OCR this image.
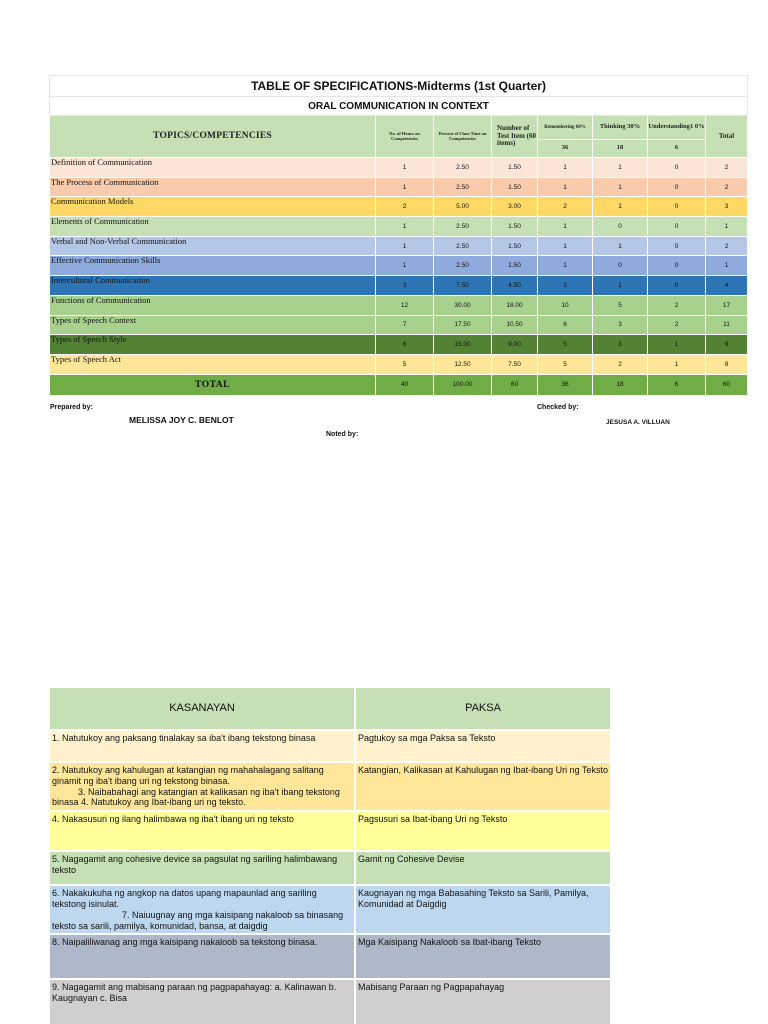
TABLE OF SPECIFICATIONS-Midterms (1st Quarter)							
ORAL COMMUNICATION IN CONTEXT							
TOPICS/COMPETENCIES	No. of Hours on Competencies	Percent of Class Time on Competencies	Number of Test Item (60 items)	Remembering 60%	Thinking 30%	Understanding1 0%	Total
				36	18	6	
Definition of Communication	1	2.50	1.50	1	1	0	2
The Process of Communication	1	2.50	1.50	1	1	0	2
Communication Models	2	5.00	3.00	2	1	0	3
Elements of Communication	1	2.50	1.50	1	0	0	1
Verbal and Non-Verbal Communication	1	2.50	1.50	1	1	0	2
Effective Communication Skills	1	2.50	1.50	1	0	0	1
Intercultural Communication	3	7.50	4.50	3	1	0	4
Functions of Communication	12	30.00	18.00	10	5	2	17
Types of Speech Context	7	17.50	10.50	6	3	2	11
Types of Speech Style	6	15.00	9.00	5	3	1	9
Types of Speech Act	5	12.50	7.50	5	2	1	8
TOTAL	40	100.00	60	36	18	6	60
Prepared by:
MELISSA JOY C. BENLOT
Checked by:
JESUSA A. VILLUAN
Noted by:
KASANAYAN	PAKSA

1. Natutukoy ang paksang tinalakay sa iba't ibang tekstong binasa	Pagtukoy sa mga Paksa sa Teksto

2. Natutukoy ang kahulugan at katangian ng mahahalagang salitang ginamit ng iba't ibang uri ng tekstong binasa.
3. Naibabahagi ang katangian at kalikasan ng iba't ibang tekstong binasa 4. Natutukoy ang Ibat-ibang uri ng teksto.	Katangian, Kalikasan at Kahulugan ng Ibat-ibang Uri ng Teksto

4. Nakasusuri ng ilang halimbawa ng iba't ibang uri ng teksto	Pagsusuri sa Ibat-ibang Uri ng Teksto

5. Nagagamit ang cohesive device sa pagsulat ng sariling halimbawang teksto	Gamit ng Cohesive Devise

6. Nakakukuha ng angkop na datos upang mapaunlad ang sariling tekstong isinulat.
7. Naiuugnay ang mga kaisipang nakaloob sa binasang teksto sa sarili, pamilya, komunidad, bansa, at daigdig	Kaugnayan ng mga Babasahing Teksto sa Sarili, Pamilya, Komunidad at Daigdig

8. Naipaliliwanag ang mga kaisipang nakaloob sa tekstong binasa.	Mga Kaisipang Nakaloob sa Ibat-ibang Teksto

9. Nagagamit ang mabisang paraan ng pagpapahayag: a. Kalinawan b. Kaugnayan c. Bisa	Mabisang Paraan ng Pagpapahayag
